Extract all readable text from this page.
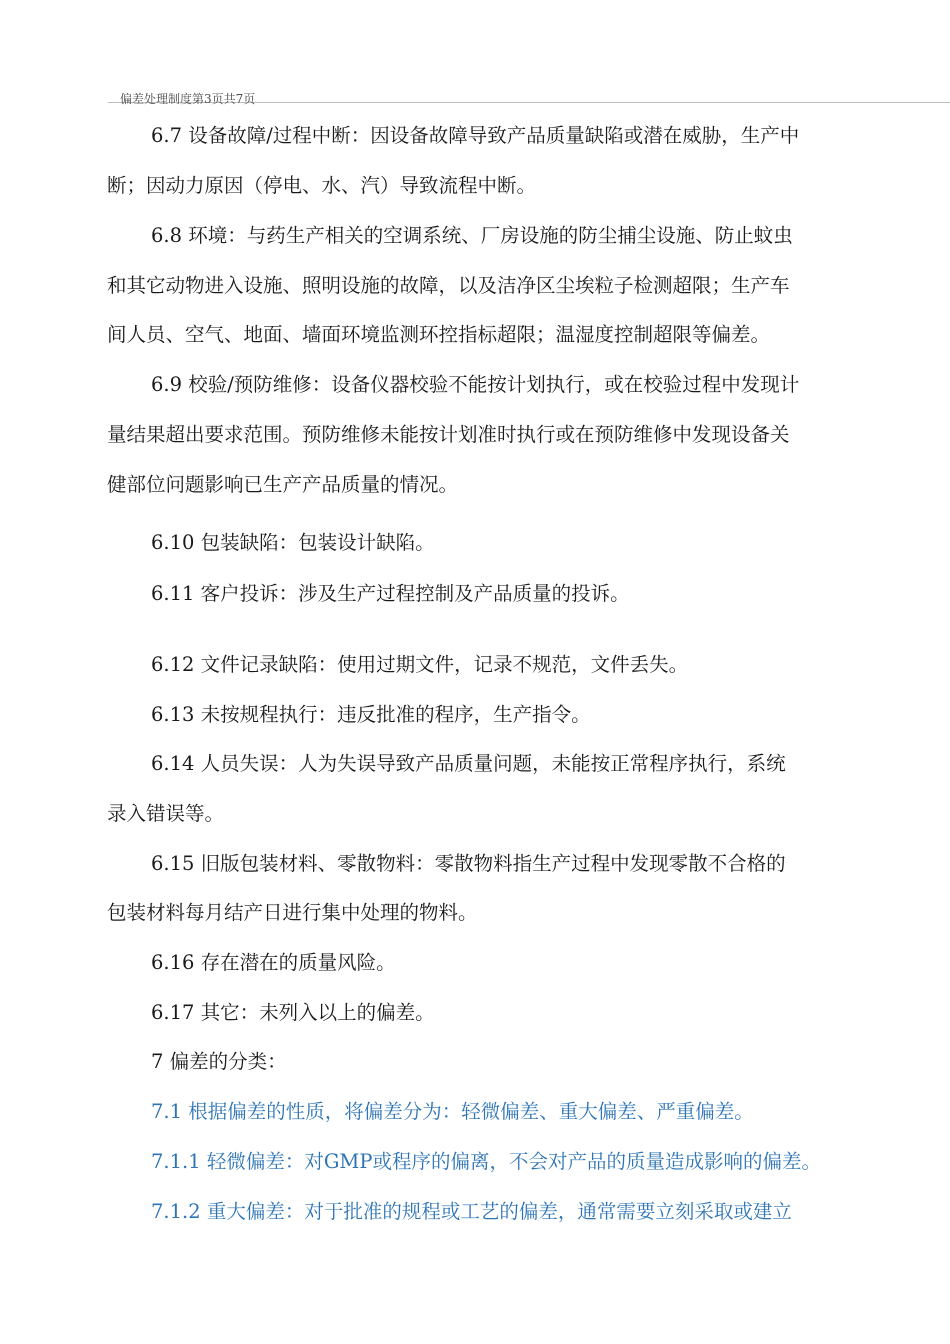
偏差处理制度第3页共7页
6.7 设备故障/过程中断：因设备故障导致产品质量缺陷或潜在威胁，生产中
断；因动力原因（停电、水、汽）导致流程中断。
6.8 环境：与药生产相关的空调系统、厂房设施的防尘捕尘设施、防止蚊虫
和其它动物进入设施、照明设施的故障，以及洁净区尘埃粒子检测超限；生产车
间人员、空气、地面、墙面环境监测环控指标超限；温湿度控制超限等偏差。
6.9 校验/预防维修：设备仪器校验不能按计划执行，或在校验过程中发现计
量结果超出要求范围。预防维修未能按计划准时执行或在预防维修中发现设备关
健部位问题影响已生产产品质量的情况。
6.10 包装缺陷：包装设计缺陷。
6.11 客户投诉：涉及生产过程控制及产品质量的投诉。
6.12 文件记录缺陷：使用过期文件，记录不规范，文件丢失。
6.13 未按规程执行：违反批准的程序，生产指令。
6.14 人员失误：人为失误导致产品质量问题，未能按正常程序执行，系统
录入错误等。
6.15 旧版包装材料、零散物料：零散物料指生产过程中发现零散不合格的
包装材料每月结产日进行集中处理的物料。
6.16 存在潜在的质量风险。
6.17 其它：未列入以上的偏差。
7 偏差的分类：
7.1 根据偏差的性质，将偏差分为：轻微偏差、重大偏差、严重偏差。
7.1.1 轻微偏差：对GMP或程序的偏离，不会对产品的质量造成影响的偏差。
7.1.2 重大偏差：对于批准的规程或工艺的偏差，通常需要立刻采取或建立
